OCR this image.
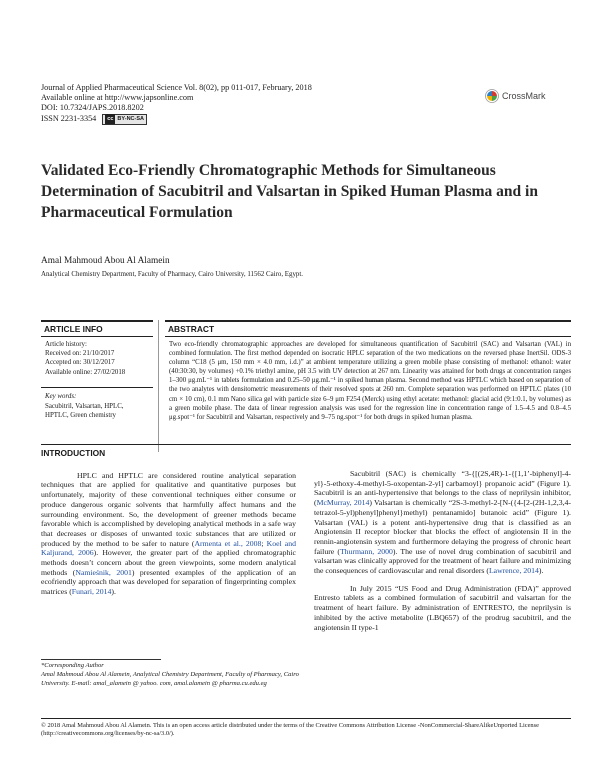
Journal of Applied Pharmaceutical Science Vol. 8(02), pp 011-017, February, 2018
Available online at http://www.japsonline.com
DOI: 10.7324/JAPS.2018.8202
ISSN 2231-3354	cc BY-NC-SA
CrossMark
Validated Eco-Friendly Chromatographic Methods for Simultaneous Determination of Sacubitril and Valsartan in Spiked Human Plasma and in Pharmaceutical Formulation
Amal Mahmoud Abou Al Alamein
Analytical Chemistry Department, Faculty of Pharmacy, Cairo University, 11562 Cairo, Egypt.
ARTICLE INFO
Article history:
Received on: 21/10/2017
Accepted on: 30/12/2017
Available online: 27/02/2018
Key words:
Sacubitril, Valsartan, HPLC,
HPTLC, Green chemistry
ABSTRACT
Two eco-friendly chromatographic approaches are developed for simultaneous quantification of Sacubitril (SAC) and Valsartan (VAL) in combined formulation. The first method depended on isocratic HPLC separation of the two medications on the reversed phase InertSil. ODS-3 column “C18 (5 μm, 150 mm × 4.0 mm, i.d.)” at ambient temperature utilizing a green mobile phase consisting of methanol: ethanol: water (40:30:30, by volumes) +0.1% triethyl amine, pH 3.5 with UV detection at 267 nm. Linearity was attained for both drugs at concentration ranges 1–300 μg.mL⁻¹ in tablets formulation and 0.25–50 μg.mL⁻¹ in spiked human plasma. Second method was HPTLC which based on separation of the two analytes with densitometric measurements of their resolved spots at 260 nm. Complete separation was performed on HPTLC plates (10 cm × 10 cm), 0.1 mm Nano silica gel with particle size 6–9 μm F254 (Merck) using ethyl acetate: methanol: glacial acid (9:1:0.1, by volumes) as a green mobile phase. The data of linear regression analysis was used for the regression line in concentration range of 1.5–4.5 and 0.8–4.5 μg.spot⁻¹ for Sacubitril and Valsartan, respectively and 9–75 ng.spot⁻¹ for both drugs in spiked human plasma.
INTRODUCTION

HPLC and HPTLC are considered routine analytical separation techniques that are applied for qualitative and quantitative purposes but unfortunately, majority of these conventional techniques either consume or produce dangerous organic solvents that harmfully affect humans and the surrounding environment. So, the development of greener methods became favorable which is accomplished by developing analytical methods in a safe way that decreases or disposes of unwanted toxic substances that are utilized or produced by the method to be safer to nature (Armenta et al., 2008; Koel and Kaljurand, 2006). However, the greater part of the applied chromatographic methods doesn’t concern about the green viewpoints, some modern analytical methods (Namieśnik, 2001) presented examples of the application of an ecofriendly approach that was developed for separation of fingerprinting complex matrices (Funari, 2014).

Sacubitril (SAC) is chemically “3-{[(2S,4R)-1-{[1,1’-biphenyl]-4-yl}-5-ethoxy-4-methyl-5-oxopentan-2-yl] carbamoyl} propanoic acid” (Figure 1). Sacubitril is an anti-hypertensive that belongs to the class of neprilysin inhibitor, (McMurray, 2014) Valsartan is chemically “2S-3-methyl-2-[N-({4-[2-(2H-1,2,3,4-tetrazol-5-yl)phenyl]phenyl}methyl) pentanamido] butanoic acid” (Figure 1). Valsartan (VAL) is a potent anti-hypertensive drug that is classified as an Angiotensin II receptor blocker that blocks the effect of angiotensin II in the rennin-angiotensin system and furthermore delaying the progress of chronic heart failure (Thurmann, 2000). The use of novel drug combination of sacubitril and valsartan was clinically approved for the treatment of heart failure and minimizing the consequences of cardiovascular and renal disorders (Lawrence, 2014).

In July 2015 “US Food and Drug Administration (FDA)” approved Entresto tablets as a combined formulation of sacubitril and valsartan for the treatment of heart failure. By administration of ENTRESTO, the neprilysin is inhibited by the active metabolite (LBQ657) of the prodrug sacubitril, and the angiotensin II type-1

*Corresponding Author
Amal Mahmoud Abou Al Alamein, Analytical Chemistry Department, Faculty of Pharmacy, Cairo University. E-mail: amal_alamein @ yahoo. com, amal.alamein @ pharma.cu.edu.eg
© 2018 Amal Mahmoud Abou Al Alamein. This is an open access article distributed under the terms of the Creative Commons Attribution License -NonCommercial-ShareAlikeUnported License (http://creativecommons.org/licenses/by-nc-sa/3.0/).
